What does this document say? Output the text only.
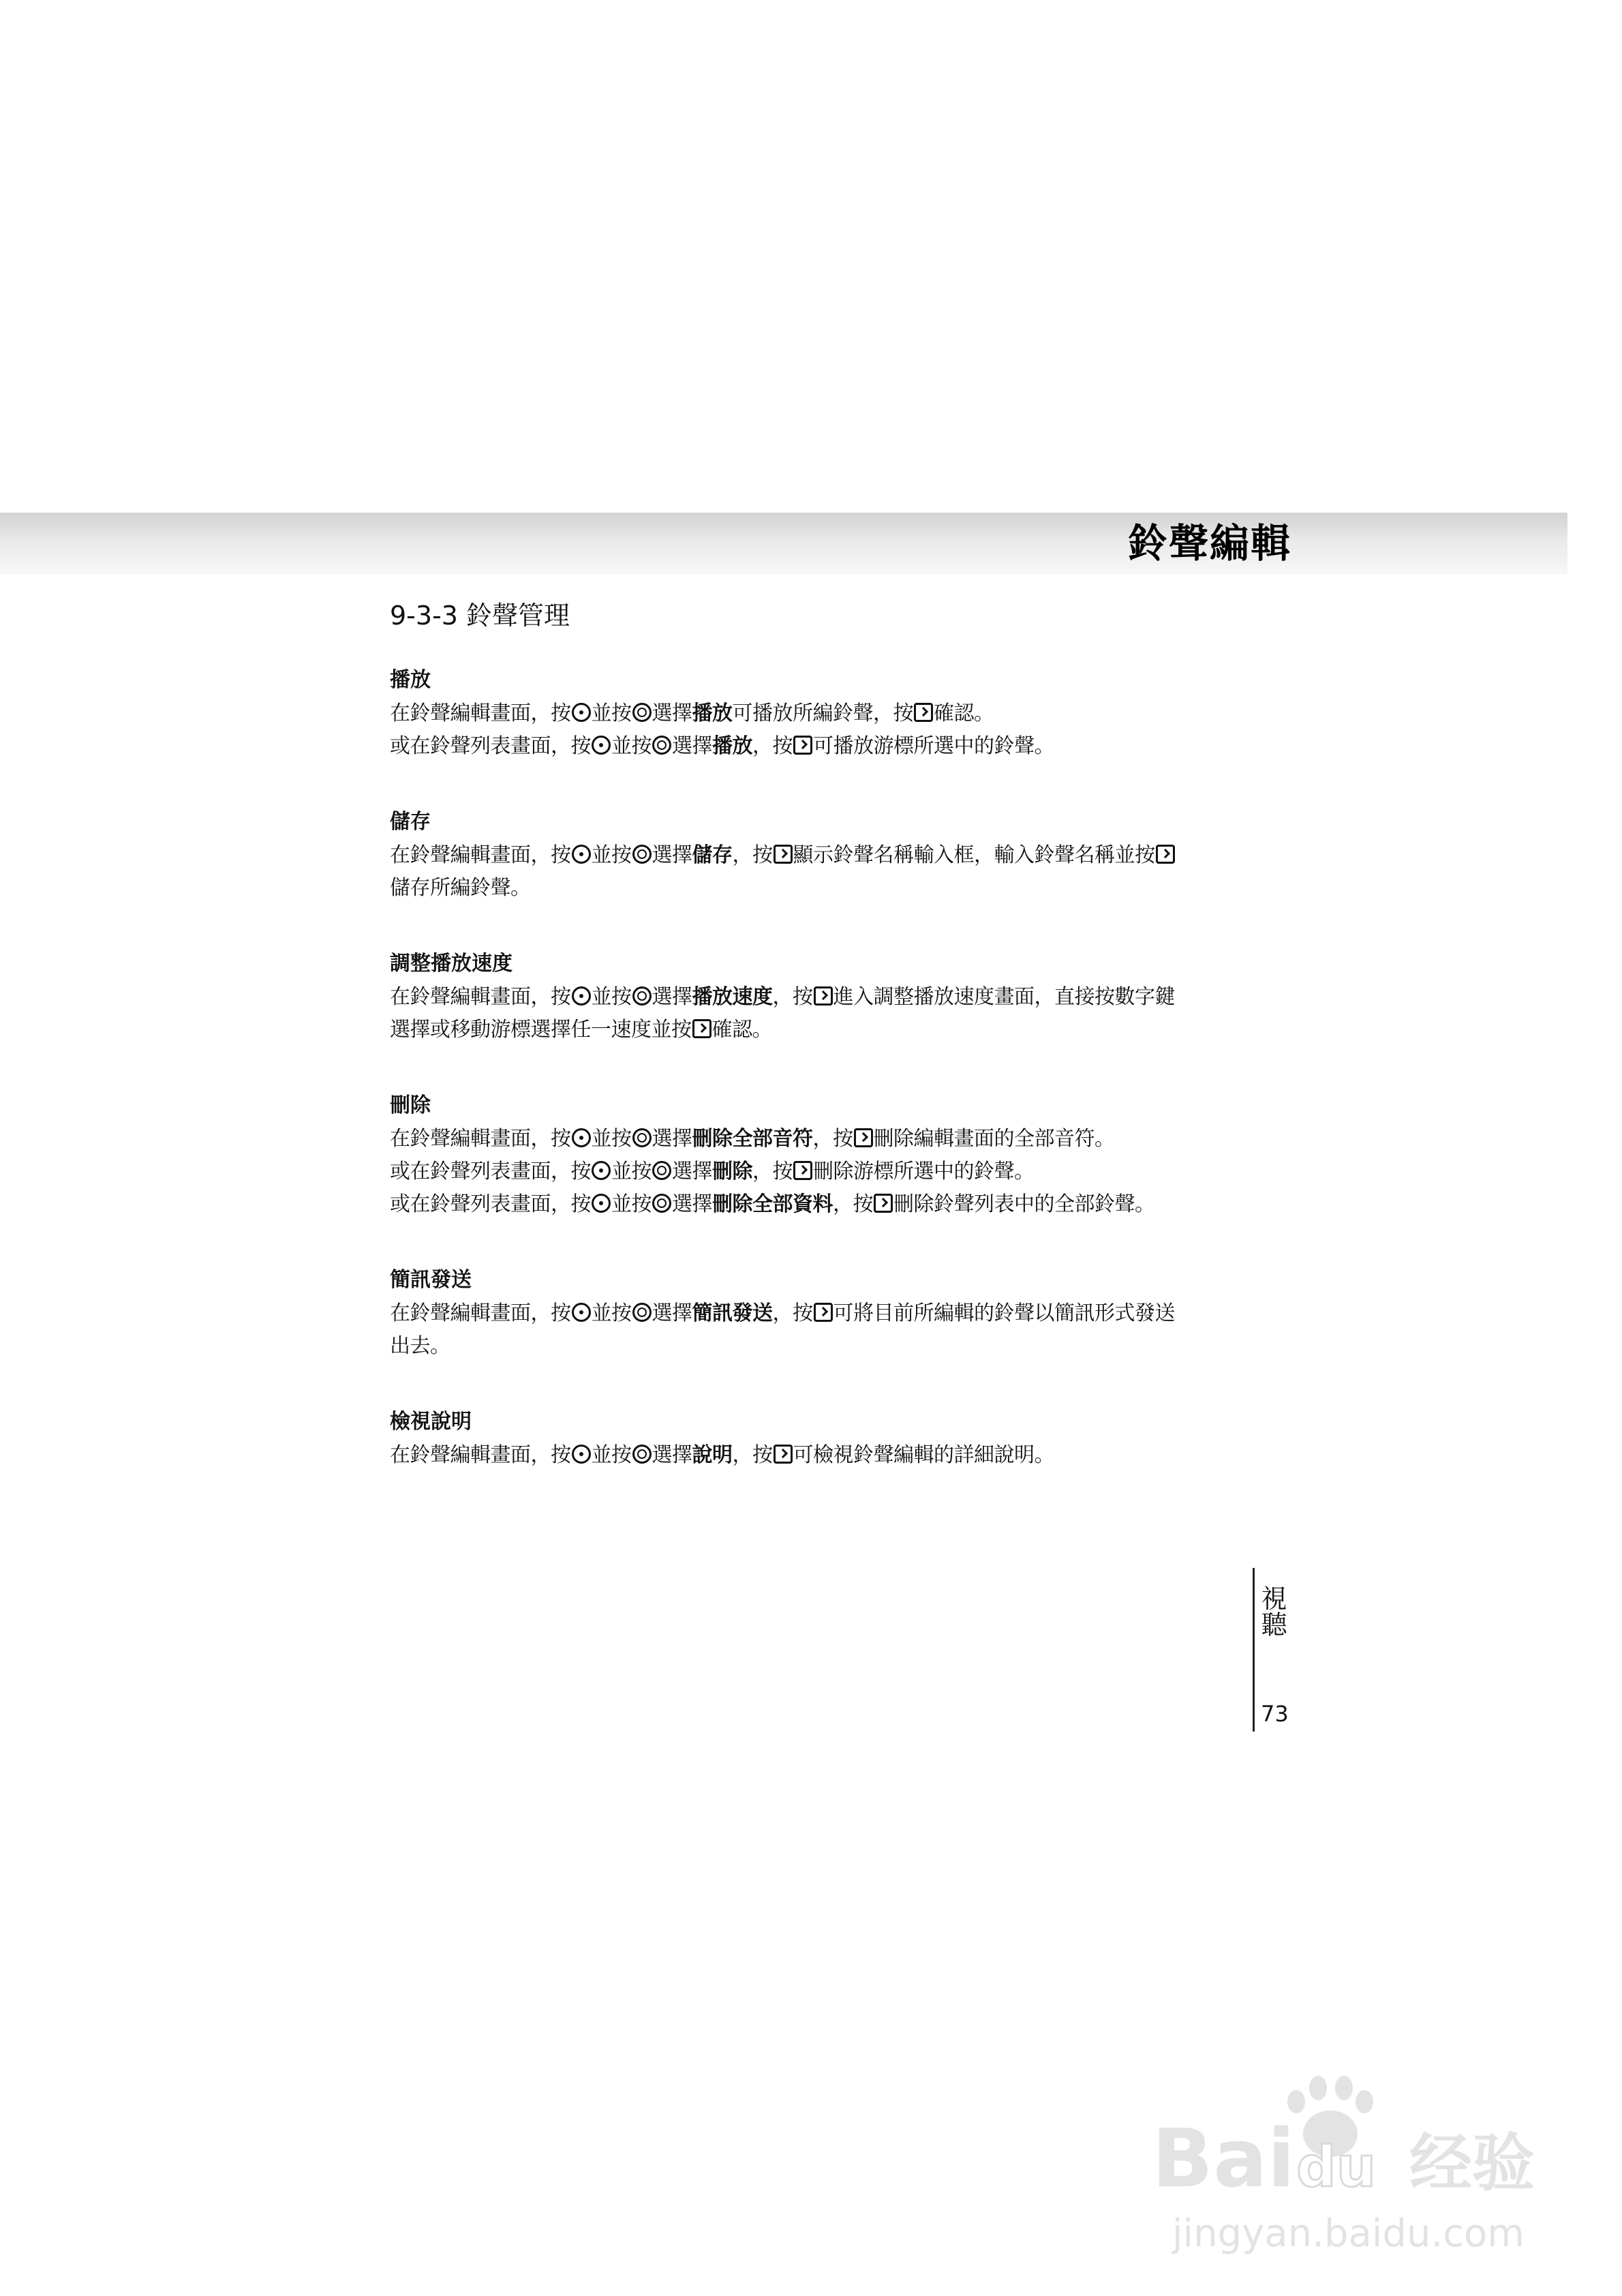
鈴聲編輯
9-3-3 鈴聲管理
播放
在鈴聲編輯畫面，按 並按 選擇播放可播放所編鈴聲，按 確認。
或在鈴聲列表畫面，按 並按 選擇播放，按 可播放游標所選中的鈴聲。
儲存
在鈴聲編輯畫面，按 並按 選擇儲存，按 顯示鈴聲名稱輸入框，輸入鈴聲名稱並按
儲存所編鈴聲。
調整播放速度
在鈴聲編輯畫面，按 並按 選擇播放速度，按 進入調整播放速度畫面，直接按數字鍵
選擇或移動游標選擇任一速度並按 確認。
刪除
在鈴聲編輯畫面，按 並按 選擇刪除全部音符，按 刪除編輯畫面的全部音符。
或在鈴聲列表畫面，按 並按 選擇刪除，按 刪除游標所選中的鈴聲。
或在鈴聲列表畫面，按 並按 選擇刪除全部資料，按 刪除鈴聲列表中的全部鈴聲。
簡訊發送
在鈴聲編輯畫面，按 並按 選擇簡訊發送，按 可將目前所編輯的鈴聲以簡訊形式發送
出去。
檢視說明
在鈴聲編輯畫面，按 並按 選擇說明，按 可檢視鈴聲編輯的詳細說明。
視聽
73
Bai du 经验
jingyan.baidu.com
